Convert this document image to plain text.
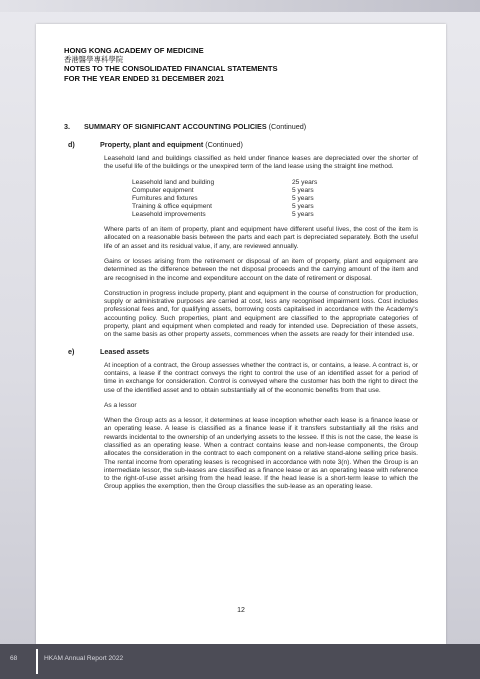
HONG KONG ACADEMY OF MEDICINE
香港醫學專科學院
NOTES TO THE CONSOLIDATED FINANCIAL STATEMENTS
FOR THE YEAR ENDED 31 DECEMBER 2021
3.	SUMMARY OF SIGNIFICANT ACCOUNTING POLICIES (Continued)
d)	Property, plant and equipment (Continued)

Leasehold land and buildings classified as held under finance leases are depreciated over the shorter of the useful life of the buildings or the unexpired term of the land lease using the straight line method.

Leasehold land and building	25 years
Computer equipment	5 years
Furnitures and fixtures	5 years
Training & office equipment	5 years
Leasehold improvements	5 years

Where parts of an item of property, plant and equipment have different useful lives, the cost of the item is allocated on a reasonable basis between the parts and each part is depreciated separately. Both the useful life of an asset and its residual value, if any, are reviewed annually.

Gains or losses arising from the retirement or disposal of an item of property, plant and equipment are determined as the difference between the net disposal proceeds and the carrying amount of the item and are recognised in the income and expenditure account on the date of retirement or disposal.

Construction in progress include property, plant and equipment in the course of construction for production, supply or administrative purposes are carried at cost, less any recognised impairment loss. Cost includes professional fees and, for qualifying assets, borrowing costs capitalised in accordance with the Academy's accounting policy. Such properties, plant and equipment are classified to the appropriate categories of property, plant and equipment when completed and ready for intended use. Depreciation of these assets, on the same basis as other property assets, commences when the assets are ready for their intended use.

e)	Leased assets

At inception of a contract, the Group assesses whether the contract is, or contains, a lease. A contract is, or contains, a lease if the contract conveys the right to control the use of an identified asset for a period of time in exchange for consideration. Control is conveyed where the customer has both the right to direct the use of the identified asset and to obtain substantially all of the economic benefits from that use.

As a lessor

When the Group acts as a lessor, it determines at lease inception whether each lease is a finance lease or an operating lease. A lease is classified as a finance lease if it transfers substantially all the risks and rewards incidental to the ownership of an underlying assets to the lessee. If this is not the case, the lease is classified as an operating lease. When a contract contains lease and non-lease components, the Group allocates the consideration in the contract to each component on a relative stand-alone selling price basis. The rental income from operating leases is recognised in accordance with note 3(n). When the Group is an intermediate lessor, the sub-leases are classified as a finance lease or as an operating lease with reference to the right-of-use asset arising from the head lease. If the head lease is a short-term lease to which the Group applies the exemption, then the Group classifies the sub-lease as an operating lease.

12
68	HKAM Annual Report 2022
